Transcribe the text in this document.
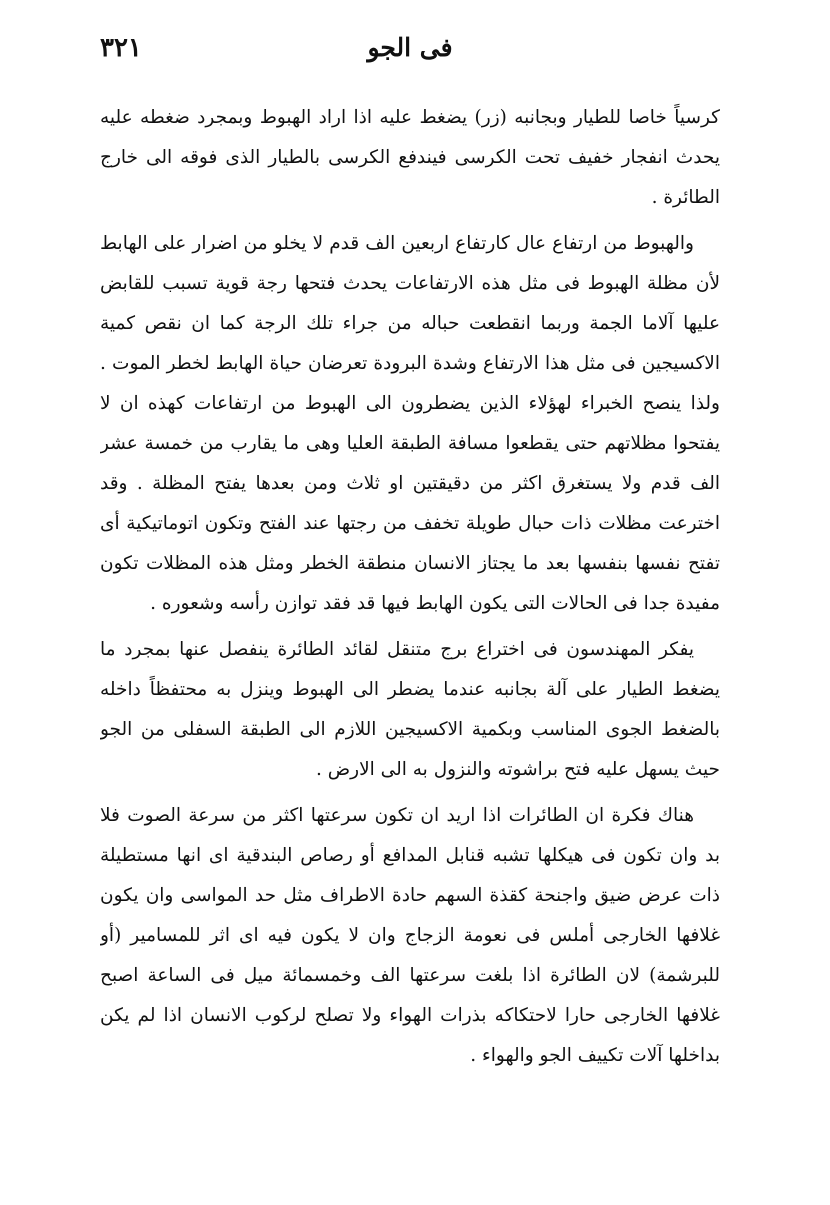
فى الجو
٣٢١

كرسياً خاصا للطيار وبجانبه (زر) يضغط عليه اذا اراد الهبوط وبمجرد ضغطه عليه يحدث انفجار خفيف تحت الكرسى فيندفع الكرسى بالطيار الذى فوقه الى خارج الطائرة .

والهبوط من ارتفاع عال كارتفاع اربعين الف قدم لا يخلو من اضرار على الهابط لأن مظلة الهبوط فى مثل هذه الارتفاعات يحدث فتحها رجة قوية تسبب للقابض عليها آلاما الجمة وربما انقطعت حباله من جراء تلك الرجة كما ان نقص كمية الاكسيجين فى مثل هذا الارتفاع وشدة البرودة تعرضان حياة الهابط لخطر الموت . ولذا ينصح الخبراء لهؤلاء الذين يضطرون الى الهبوط من ارتفاعات كهذه ان لا يفتحوا مظلاتهم حتى يقطعوا مسافة الطبقة العليا وهى ما يقارب من خمسة عشر الف قدم ولا يستغرق اكثر من دقيقتين او ثلاث ومن بعدها يفتح المظلة . وقد اخترعت مظلات ذات حبال طويلة تخفف من رجتها عند الفتح وتكون اتوماتيكية أى تفتح نفسها بنفسها بعد ما يجتاز الانسان منطقة الخطر ومثل هذه المظلات تكون مفيدة جدا فى الحالات التى يكون الهابط فيها قد فقد توازن رأسه وشعوره .

يفكر المهندسون فى اختراع برج متنقل لقائد الطائرة ينفصل عنها بمجرد ما يضغط الطيار على آلة بجانبه عندما يضطر الى الهبوط وينزل به محتفظاً داخله بالضغط الجوى المناسب وبكمية الاكسيجين اللازم الى الطبقة السفلى من الجو حيث يسهل عليه فتح براشوته والنزول به الى الارض .

هناك فكرة ان الطائرات اذا اريد ان تكون سرعتها اكثر من سرعة الصوت فلا بد وان تكون فى هيكلها تشبه قنابل المدافع أو رصاص البندقية اى انها مستطيلة ذات عرض ضيق واجنحة كقذة السهم حادة الاطراف مثل حد المواسى وان يكون غلافها الخارجى أملس فى نعومة الزجاج وان لا يكون فيه اى اثر للمسامير (أو للبرشمة) لان الطائرة اذا بلغت سرعتها الف وخمسمائة ميل فى الساعة اصبح غلافها الخارجى حارا لاحتكاكه بذرات الهواء ولا تصلح لركوب الانسان اذا لم يكن بداخلها آلات تكييف الجو والهواء .
